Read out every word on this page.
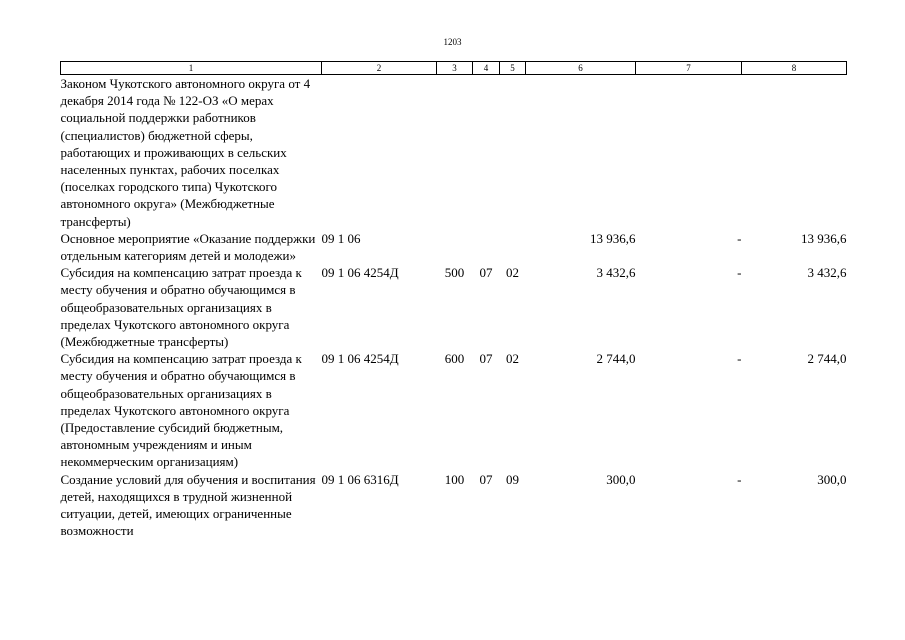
1203
1	2	3	4	5	6	7	8
Законом Чукотского автономного округа от 4 декабря 2014 года № 122-ОЗ «О мерах социальной поддержки работников (специалистов) бюджетной сферы, работающих и проживающих в сельских населенных пунктах, рабочих поселках (поселках городского типа) Чукотского автономного округа» (Межбюджетные трансферты)							
Основное мероприятие «Оказание поддержки отдельным категориям детей и молодежи»	09 1 06				13 936,6	-	13 936,6
Субсидия на компенсацию затрат проезда к месту обучения и обратно обучающимся в общеобразовательных организациях в пределах Чукотского автономного округа (Межбюджетные трансферты)	09 1 06 4254Д	500	07	02	3 432,6	-	3 432,6
Субсидия на компенсацию затрат проезда к месту обучения и обратно обучающимся в общеобразовательных организациях в пределах Чукотского автономного округа (Предоставление субсидий бюджетным, автономным учреждениям и иным некоммерческим организациям)	09 1 06 4254Д	600	07	02	2 744,0	-	2 744,0
Создание условий для обучения и воспитания детей, находящихся в трудной жизненной ситуации, детей, имеющих ограниченные возможности	09 1 06 6316Д	100	07	09	300,0	-	300,0
